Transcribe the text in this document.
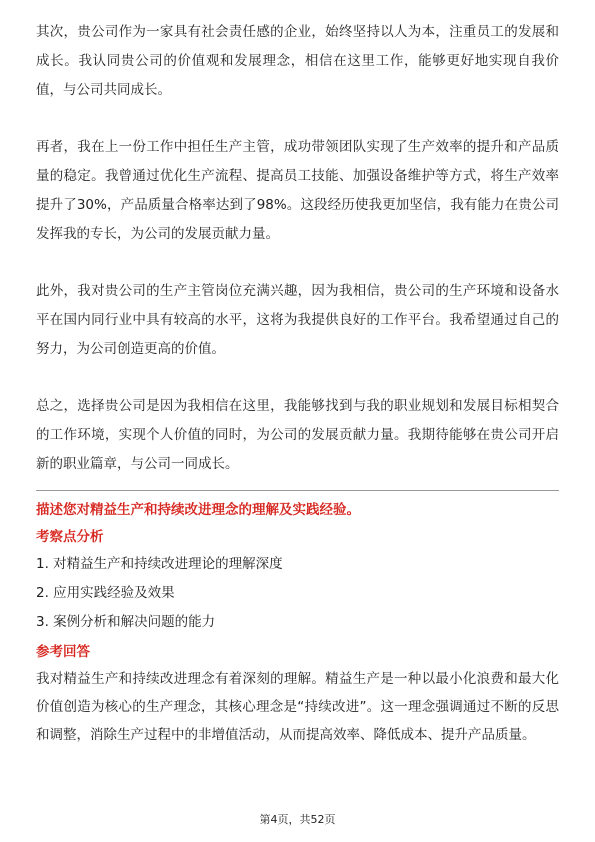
其次，贵公司作为一家具有社会责任感的企业，始终坚持以人为本，注重员工的发展和成长。我认同贵公司的价值观和发展理念，相信在这里工作，能够更好地实现自我价值，与公司共同成长。

再者，我在上一份工作中担任生产主管，成功带领团队实现了生产效率的提升和产品质量的稳定。我曾通过优化生产流程、提高员工技能、加强设备维护等方式，将生产效率提升了30%，产品质量合格率达到了98%。这段经历使我更加坚信，我有能力在贵公司发挥我的专长，为公司的发展贡献力量。

此外，我对贵公司的生产主管岗位充满兴趣，因为我相信，贵公司的生产环境和设备水平在国内同行业中具有较高的水平，这将为我提供良好的工作平台。我希望通过自己的努力，为公司创造更高的价值。

总之，选择贵公司是因为我相信在这里，我能够找到与我的职业规划和发展目标相契合的工作环境，实现个人价值的同时，为公司的发展贡献力量。我期待能够在贵公司开启新的职业篇章，与公司一同成长。

描述您对精益生产和持续改进理念的理解及实践经验。

考察点分析

1. 对精益生产和持续改进理论的理解深度

2. 应用实践经验及效果

3. 案例分析和解决问题的能力

参考回答

我对精益生产和持续改进理念有着深刻的理解。精益生产是一种以最小化浪费和最大化价值创造为核心的生产理念，其核心理念是“持续改进”。这一理念强调通过不断的反思和调整，消除生产过程中的非增值活动，从而提高效率、降低成本、提升产品质量。

第4页，共52页
